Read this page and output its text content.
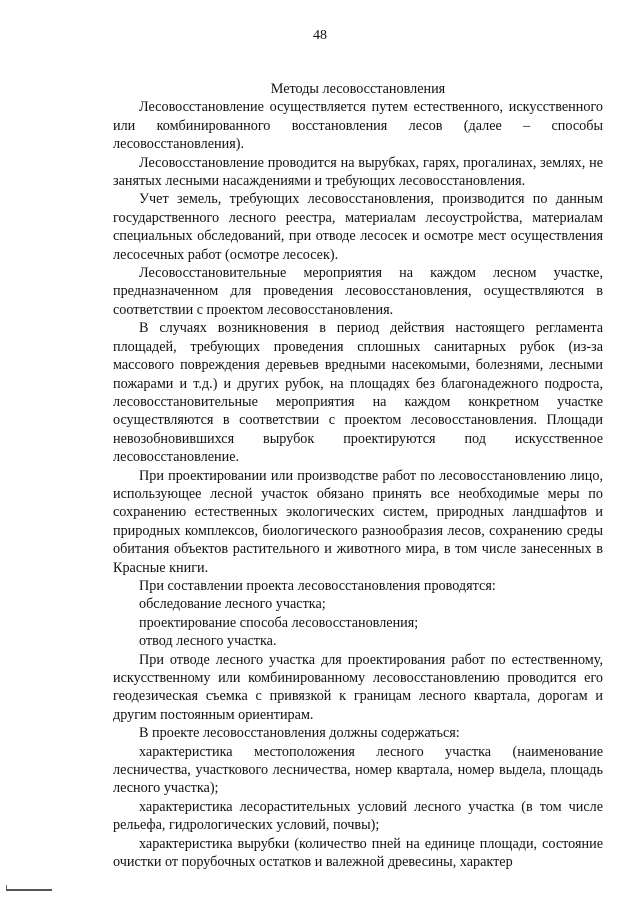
48
Методы лесовосстановления

Лесовосстановление осуществляется путем естественного, искусственного или комбинированного восстановления лесов (далее – способы лесовосстановления).

Лесовосстановление проводится на вырубках, гарях, прогалинах, землях, не занятых лесными насаждениями и требующих лесовосстановления.

Учет земель, требующих лесовосстановления, производится по данным государственного лесного реестра, материалам лесоустройства, материалам специальных обследований, при отводе лесосек и осмотре мест осуществления лесосечных работ (осмотре лесосек).

Лесовосстановительные мероприятия на каждом лесном участке, предназначенном для проведения лесовосстановления, осуществляются в соответствии с проектом лесовосстановления.

В случаях возникновения в период действия настоящего регламента площадей, требующих проведения сплошных санитарных рубок (из-за массового повреждения деревьев вредными насекомыми, болезнями, лесными пожарами и т.д.) и других рубок, на площадях без благонадежного подроста, лесовосстановительные мероприятия на каждом конкретном участке осуществляются в соответствии с проектом лесовосстановления. Площади невозобновившихся вырубок проектируются под искусственное лесовосстановление.

При проектировании или производстве работ по лесовосстановлению лицо, использующее лесной участок обязано принять все необходимые меры по сохранению естественных экологических систем, природных ландшафтов и природных комплексов, биологического разнообразия лесов, сохранению среды обитания объектов растительного и животного мира, в том числе занесенных в Красные книги.

При составлении проекта лесовосстановления проводятся:

обследование лесного участка;

проектирование способа лесовосстановления;

отвод лесного участка.

При отводе лесного участка для проектирования работ по естественному, искусственному или комбинированному лесовосстановлению проводится его геодезическая съемка с привязкой к границам лесного квартала, дорогам и другим постоянным ориентирам.

В проекте лесовосстановления должны содержаться:

характеристика местоположения лесного участка (наименование лесничества, участкового лесничества, номер квартала, номер выдела, площадь лесного участка);

характеристика лесорастительных условий лесного участка (в том числе рельефа, гидрологических условий, почвы);

характеристика вырубки (количество пней на единице площади, состояние очистки от порубочных остатков и валежной древесины, характер
